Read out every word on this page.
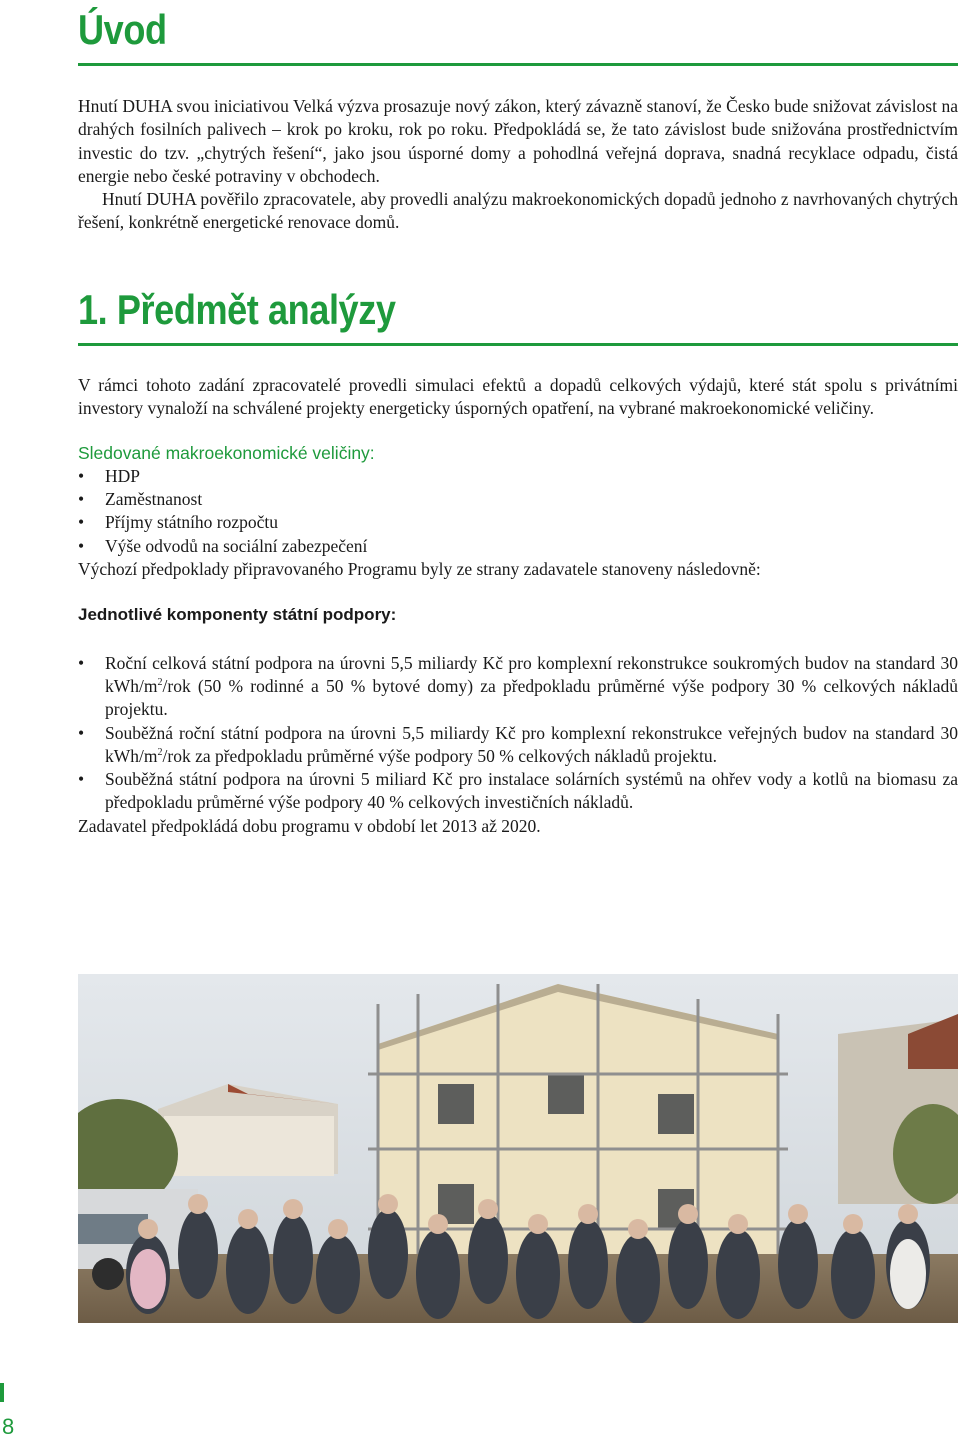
Úvod

Hnutí DUHA svou iniciativou Velká výzva prosazuje nový zákon, který závazně stanoví, že Česko bude snižovat závislost na drahých fosilních palivech – krok po kroku, rok po roku. Předpokládá se, že tato závislost bude snižována prostřednictvím investic do tzv. „chytrých řešení“, jako jsou úsporné domy a pohodlná veřejná doprava, snadná recyklace odpadu, čistá energie nebo české potraviny v obchodech.

Hnutí DUHA pověřilo zpracovatele, aby provedli analýzu makroekonomických dopadů jednoho z navrhovaných chytrých řešení, konkrétně energetické renovace domů.

1. Předmět analýzy

V rámci tohoto zadání zpracovatelé provedli simulaci efektů a dopadů celkových výdajů, které stát spolu s privátními investory vynaloží na schválené projekty energeticky úsporných opatření, na vybrané makroekonomické veličiny.

Sledované makroekonomické veličiny:
• HDP
• Zaměstnanost
• Příjmy státního rozpočtu
• Výše odvodů na sociální zabezpečení

Výchozí předpoklady připravovaného Programu byly ze strany zadavatele stanoveny následovně:

Jednotlivé komponenty státní podpory:
• Roční celková státní podpora na úrovni 5,5 miliardy Kč pro komplexní rekonstrukce soukromých budov na standard 30 kWh/$m^2$/rok (50 % rodinné a 50 % bytové domy) za předpokladu průměrné výše podpory 30 % celkových nákladů projektu.
• Souběžná roční státní podpora na úrovni 5,5 miliardy Kč pro komplexní rekonstrukce veřejných budov na standard 30 kWh/$m^2$/rok za předpokladu průměrné výše podpory 50 % celkových nákladů projektu.
• Souběžná státní podpora na úrovni 5 miliard Kč pro instalace solárních systémů na ohřev vody a kotlů na biomasu za předpokladu průměrné výše podpory 40 % celkových investičních nákladů.

Zadavatel předpokládá dobu programu v období let 2013 až 2020.

8
